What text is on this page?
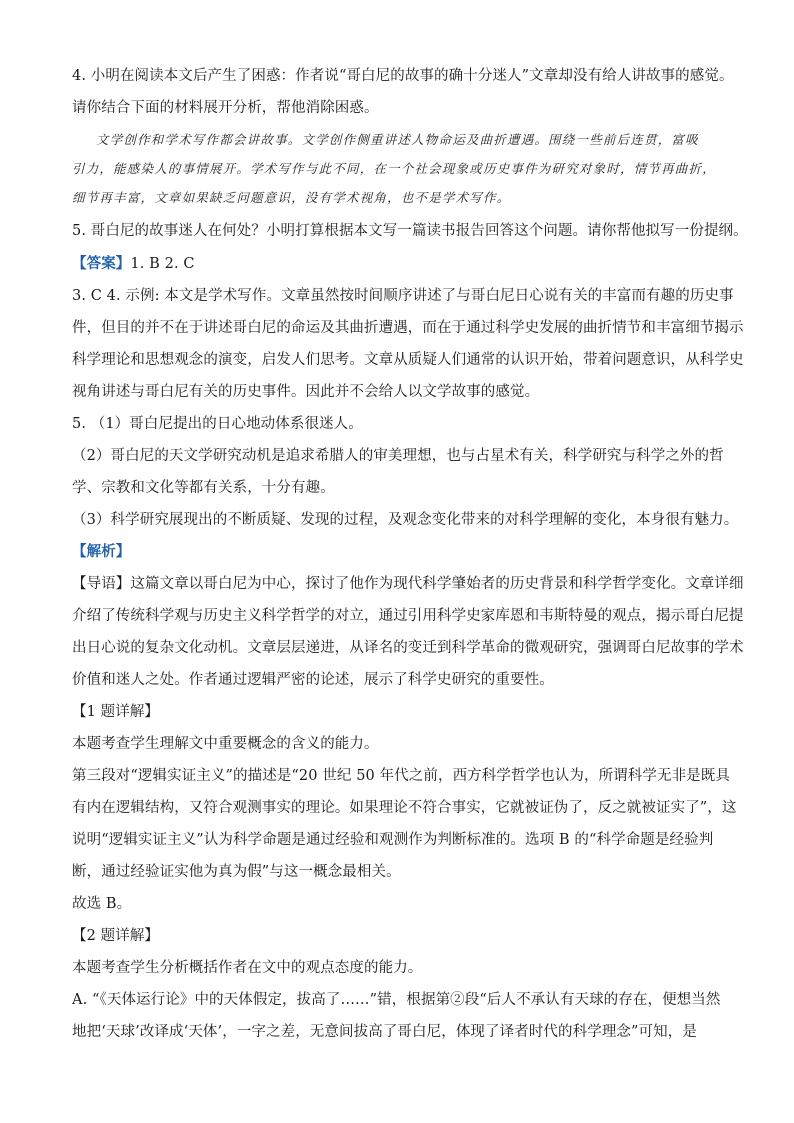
4. 小明在阅读本文后产生了困惑：作者说“哥白尼的故事的确十分迷人”文章却没有给人讲故事的感觉。
请你结合下面的材料展开分析，帮他消除困惑。
文学创作和学术写作都会讲故事。文学创作侧重讲述人物命运及曲折遭遇。围绕一些前后连贯，富吸
引力，能感染人的事情展开。学术写作与此不同，在一个社会现象或历史事件为研究对象时，情节再曲折，
细节再丰富，文章如果缺乏问题意识，没有学术视角，也不是学术写作。
5. 哥白尼的故事迷人在何处？小明打算根据本文写一篇读书报告回答这个问题。请你帮他拟写一份提纲。
【答案】1. B 2. C
3. C 4. 示例: 本文是学术写作。文章虽然按时间顺序讲述了与哥白尼日心说有关的丰富而有趣的历史事
件，但目的并不在于讲述哥白尼的命运及其曲折遭遇，而在于通过科学史发展的曲折情节和丰富细节揭示
科学理论和思想观念的演变，启发人们思考。文章从质疑人们通常的认识开始，带着问题意识，从科学史
视角讲述与哥白尼有关的历史事件。因此并不会给人以文学故事的感觉。
5. （1）哥白尼提出的日心地动体系很迷人。
（2）哥白尼的天文学研究动机是追求希腊人的审美理想，也与占星术有关，科学研究与科学之外的哲
学、宗教和文化等都有关系，十分有趣。
（3）科学研究展现出的不断质疑、发现的过程，及观念变化带来的对科学理解的变化，本身很有魅力。
【解析】
【导语】这篇文章以哥白尼为中心，探讨了他作为现代科学肇始者的历史背景和科学哲学变化。文章详细
介绍了传统科学观与历史主义科学哲学的对立，通过引用科学史家库恩和韦斯特曼的观点，揭示哥白尼提
出日心说的复杂文化动机。文章层层递进，从译名的变迁到科学革命的微观研究，强调哥白尼故事的学术
价值和迷人之处。作者通过逻辑严密的论述，展示了科学史研究的重要性。
【1 题详解】
本题考查学生理解文中重要概念的含义的能力。
第三段对“逻辑实证主义”的描述是“20 世纪 50 年代之前，西方科学哲学也认为，所谓科学无非是既具
有内在逻辑结构，又符合观测事实的理论。如果理论不符合事实，它就被证伪了，反之就被证实了”，这
说明“逻辑实证主义”认为科学命题是通过经验和观测作为判断标准的。选项 B 的“科学命题是经验判
断，通过经验证实他为真为假”与这一概念最相关。
故选 B。
【2 题详解】
本题考查学生分析概括作者在文中的观点态度的能力。
A. “《天体运行论》中的天体假定，拔高了……”错，根据第②段“后人不承认有天球的存在，便想当然
地把‘天球’改译成‘天体’，一字之差，无意间拔高了哥白尼，体现了译者时代的科学理念”可知，是
